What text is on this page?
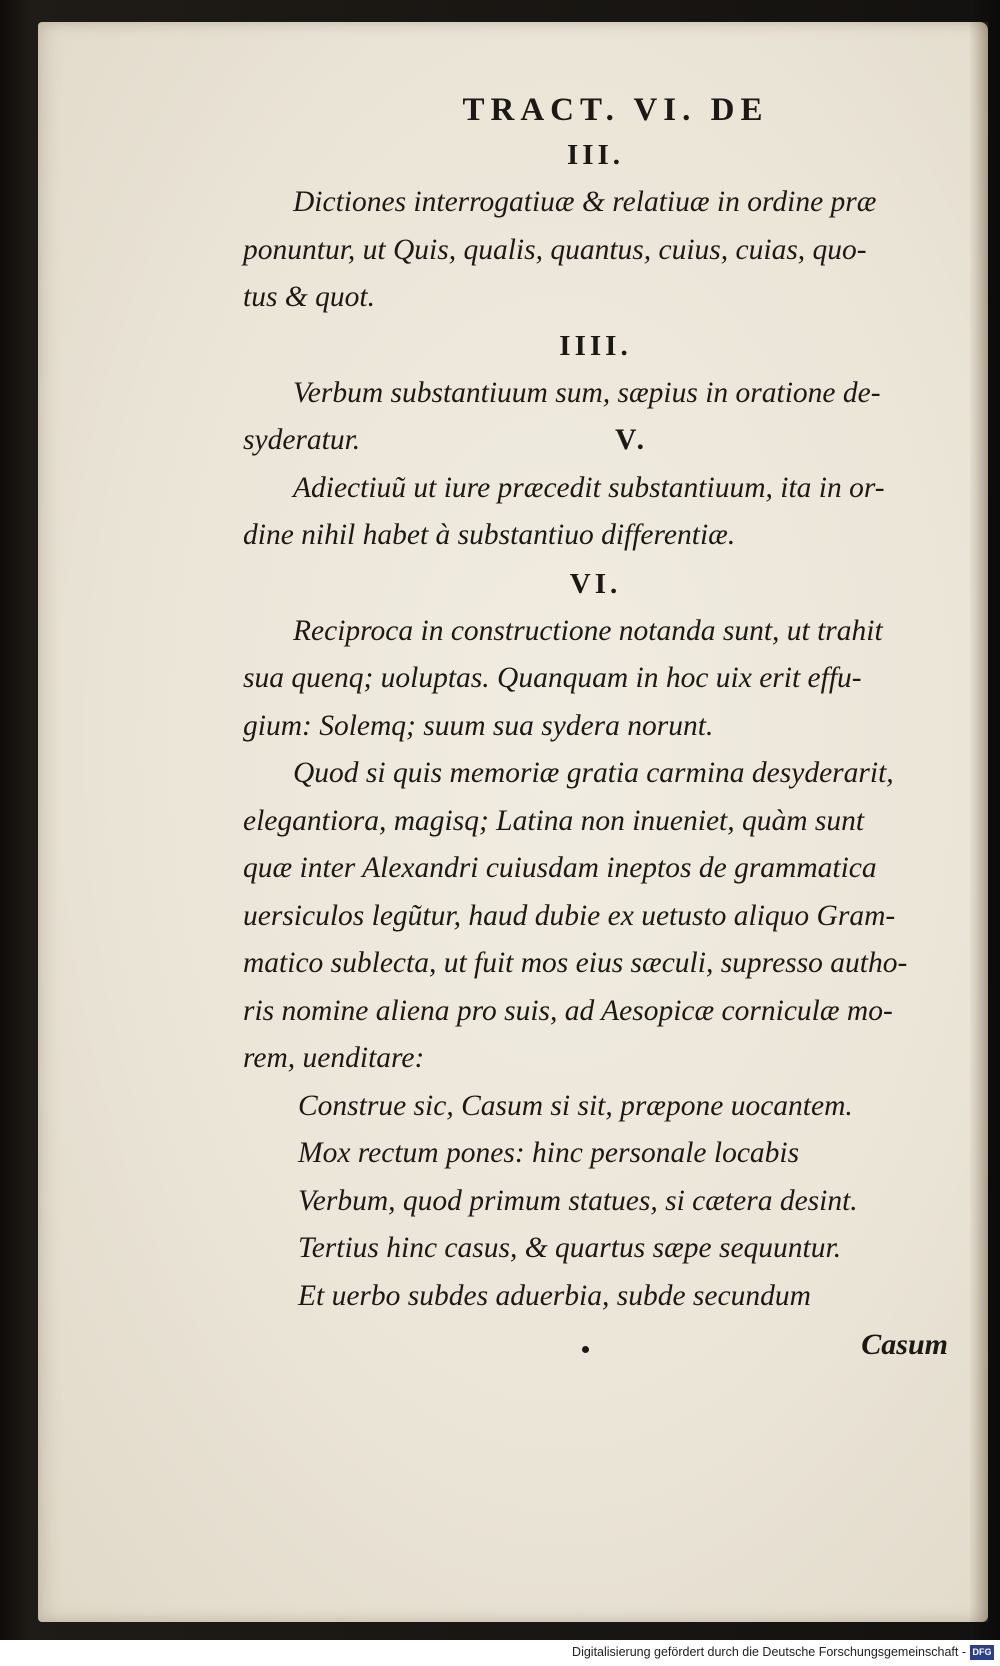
TRACT. VI. DE
III.

Dictiones interrogatiuæ & relatiuæ in ordine præ
ponuntur, ut Quis, qualis, quantus, cuius, cuias, quo-
tus & quot.

IIII.

Verbum substantiuum sum, sæpius in oratione de-

syderatur.	V.

Adiectiuũ ut iure præcedit substantiuum, ita in or-
dine nihil habet à substantiuo differentiæ.

VI.

Reciproca in constructione notanda sunt, ut trahit
sua quenq; uoluptas. Quanquam in hoc uix erit effu-
gium: Solemq; suum sua sydera norunt.

Quod si quis memoriæ gratia carmina desyderarit,
elegantiora, magisq; Latina non inueniet, quàm sunt
quæ inter Alexandri cuiusdam ineptos de grammatica
uersiculos legũtur, haud dubie ex uetusto aliquo Gram-
matico sublecta, ut fuit mos eius sæculi, supresso autho-
ris nomine aliena pro suis, ad Aesopicæ corniculæ mo-
rem, uenditare:

Construe sic, Casum si sit, præpone uocantem.
Mox rectum pones: hinc personale locabis
Verbum, quod primum statues, si cætera desint.
Tertius hinc casus, & quartus sæpe sequuntur.
Et uerbo subdes aduerbia, subde secundum
Casum
Digitalisierung gefördert durch die Deutsche Forschungsgemeinschaft - DFG
